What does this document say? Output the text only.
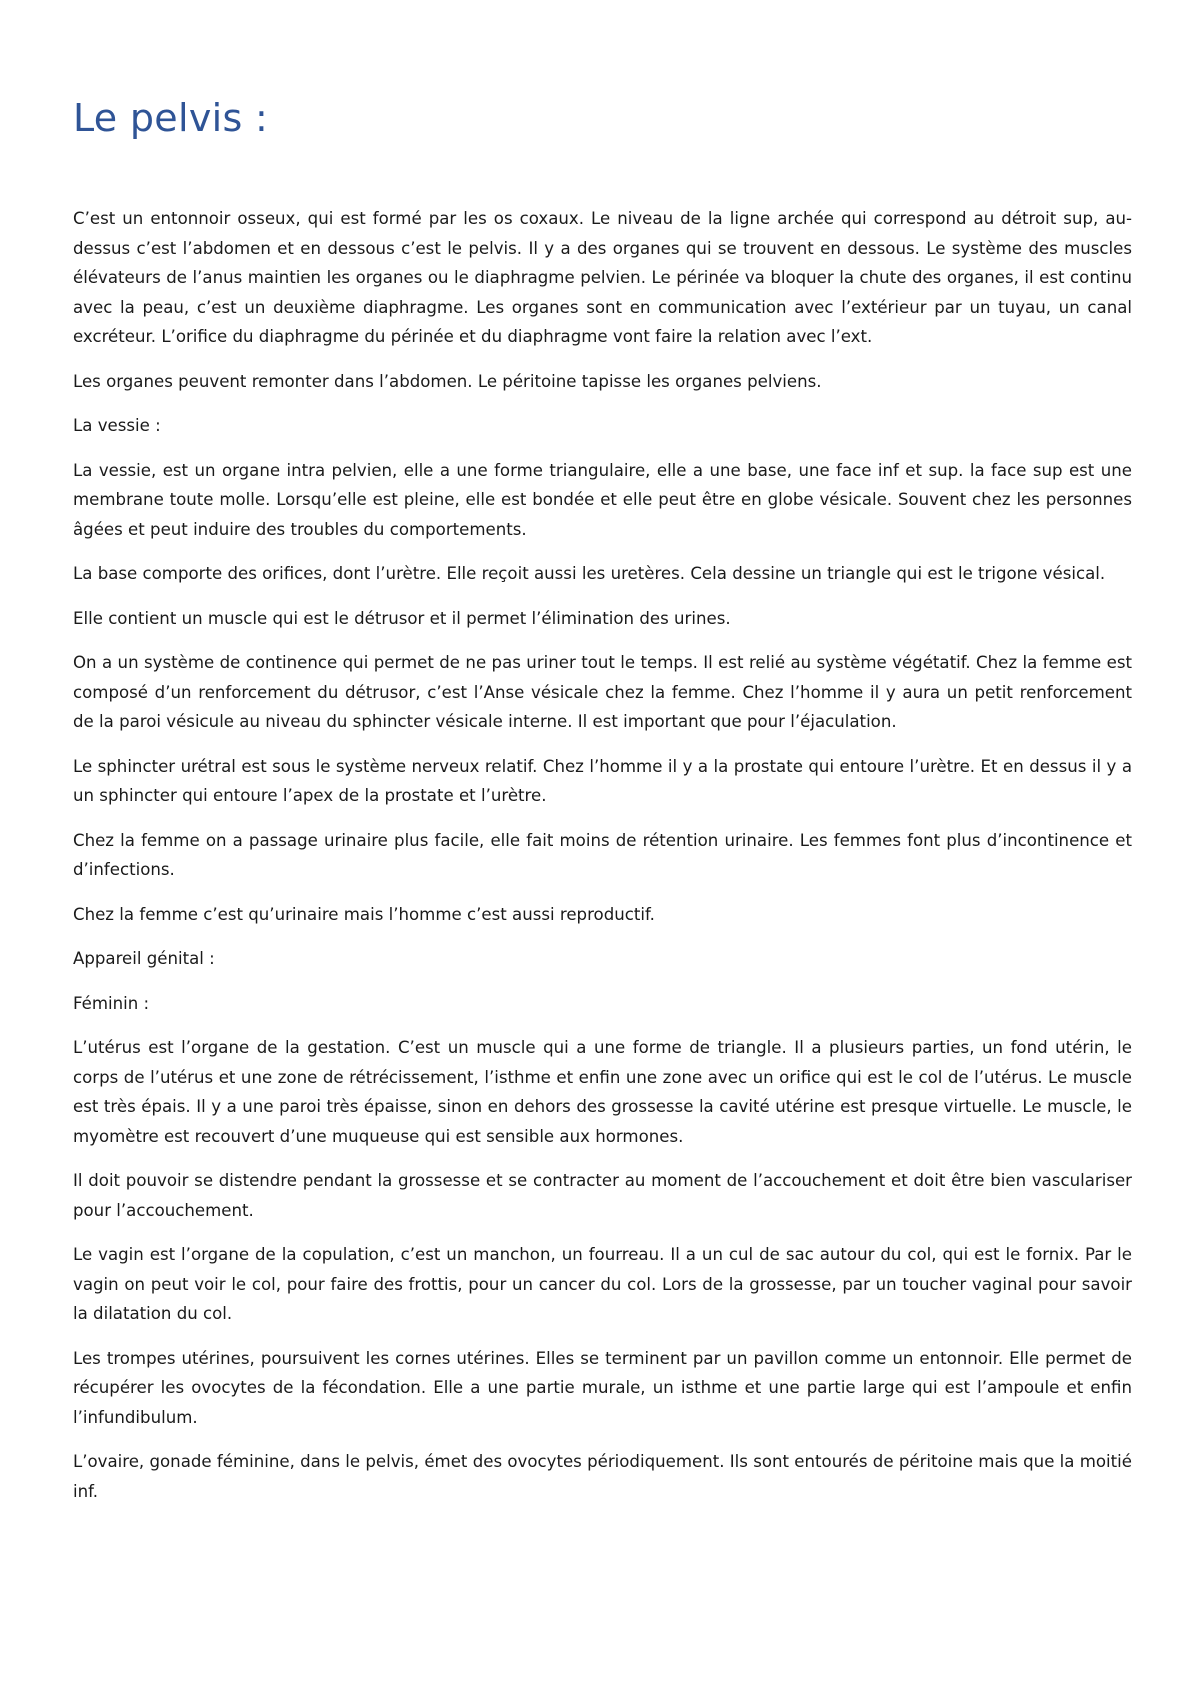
Le pelvis :

C’est un entonnoir osseux, qui est formé par les os coxaux. Le niveau de la ligne archée qui correspond au détroit sup, au-dessus c’est l’abdomen et en dessous c’est le pelvis. Il y a des organes qui se trouvent en dessous. Le système des muscles élévateurs de l’anus maintien les organes ou le diaphragme pelvien. Le périnée va bloquer la chute des organes, il est continu avec la peau, c’est un deuxième diaphragme. Les organes sont en communication avec l’extérieur par un tuyau, un canal excréteur. L’orifice du diaphragme du périnée et du diaphragme vont faire la relation avec l’ext.

Les organes peuvent remonter dans l’abdomen. Le péritoine tapisse les organes pelviens.

La vessie :

La vessie, est un organe intra pelvien, elle a une forme triangulaire, elle a une base, une face inf et sup. la face sup est une membrane toute molle. Lorsqu’elle est pleine, elle est bondée et elle peut être en globe vésicale. Souvent chez les personnes âgées et peut induire des troubles du comportements.

La base comporte des orifices, dont l’urètre. Elle reçoit aussi les uretères. Cela dessine un triangle qui est le trigone vésical.

Elle contient un muscle qui est le détrusor et il permet l’élimination des urines.

On a un système de continence qui permet de ne pas uriner tout le temps. Il est relié au système végétatif. Chez la femme est composé d’un renforcement du détrusor, c’est l’Anse vésicale chez la femme. Chez l’homme il y aura un petit renforcement de la paroi vésicule au niveau du sphincter vésicale interne. Il est important que pour l’éjaculation.

Le sphincter urétral est sous le système nerveux relatif. Chez l’homme il y a la prostate qui entoure l’urètre. Et en dessus il y a un sphincter qui entoure l’apex de la prostate et l’urètre.

Chez la femme on a passage urinaire plus facile, elle fait moins de rétention urinaire. Les femmes font plus d’incontinence et d’infections.

Chez la femme c’est qu’urinaire mais l’homme c’est aussi reproductif.

Appareil génital :

Féminin :

L’utérus est l’organe de la gestation. C’est un muscle qui a une forme de triangle. Il a plusieurs parties, un fond utérin, le corps de l’utérus et une zone de rétrécissement, l’isthme et enfin une zone avec un orifice qui est le col de l’utérus. Le muscle est très épais. Il y a une paroi très épaisse, sinon en dehors des grossesse la cavité utérine est presque virtuelle. Le muscle, le myomètre est recouvert d’une muqueuse qui est sensible aux hormones.

Il doit pouvoir se distendre pendant la grossesse et se contracter au moment de l’accouchement et doit être bien vasculariser pour l’accouchement.

Le vagin est l’organe de la copulation, c’est un manchon, un fourreau. Il a un cul de sac autour du col, qui est le fornix. Par le vagin on peut voir le col, pour faire des frottis, pour un cancer du col. Lors de la grossesse, par un toucher vaginal pour savoir la dilatation du col.

Les trompes utérines, poursuivent les cornes utérines. Elles se terminent par un pavillon comme un entonnoir. Elle permet de récupérer les ovocytes de la fécondation. Elle a une partie murale, un isthme et une partie large qui est l’ampoule et enfin l’infundibulum.

L’ovaire, gonade féminine, dans le pelvis, émet des ovocytes périodiquement. Ils sont entourés de péritoine mais que la moitié inf.
